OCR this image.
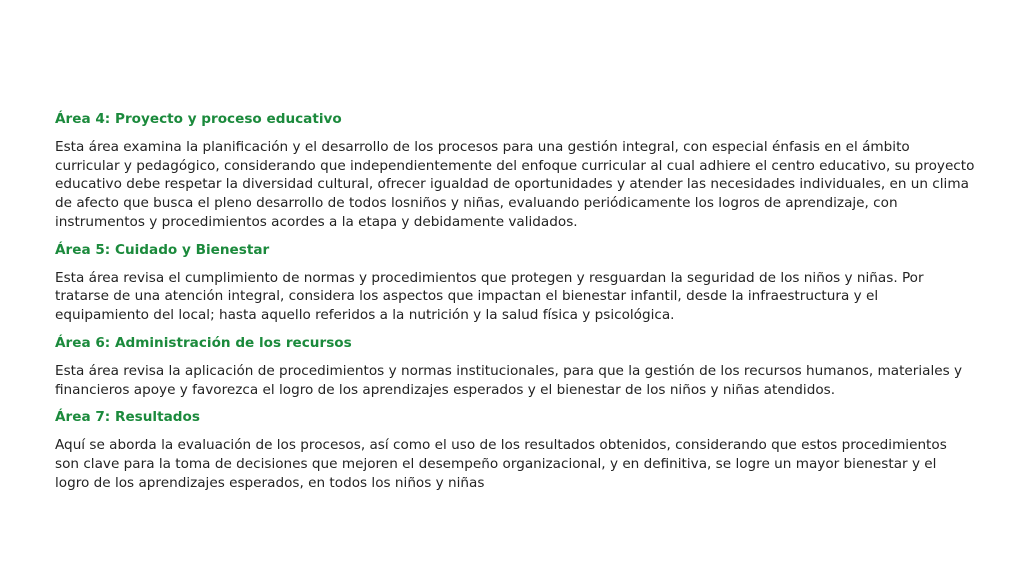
Área 4: Proyecto y proceso educativo

Esta área examina la planificación y el desarrollo de los procesos para una gestión integral, con especial énfasis en el ámbito curricular y pedagógico, considerando que independientemente del enfoque curricular al cual adhiere el centro educativo, su proyecto educativo debe respetar la diversidad cultural, ofrecer igualdad de oportunidades y atender las necesidades individuales, en un clima de afecto que busca el pleno desarrollo de todos losniños y niñas, evaluando periódicamente los logros de aprendizaje, con instrumentos y procedimientos acordes a la etapa y debidamente validados.

Área 5: Cuidado y Bienestar

Esta área revisa el cumplimiento de normas y procedimientos que protegen y resguardan la seguridad de los niños y niñas. Por tratarse de una atención integral, considera los aspectos que impactan el bienestar infantil, desde la infraestructura y el equipamiento del local; hasta aquello referidos a la nutrición y la salud física y psicológica.

Área 6: Administración de los recursos

Esta área revisa la aplicación de procedimientos y normas institucionales, para que la gestión de los recursos humanos, materiales y financieros apoye y favorezca el logro de los aprendizajes esperados y el bienestar de los niños y niñas atendidos.

Área 7: Resultados

Aquí se aborda la evaluación de los procesos, así como el uso de los resultados obtenidos, considerando que estos procedimientos son clave para la toma de decisiones que mejoren el desempeño organizacional, y en definitiva, se logre un mayor bienestar y el logro de los aprendizajes esperados, en todos los niños y niñas
